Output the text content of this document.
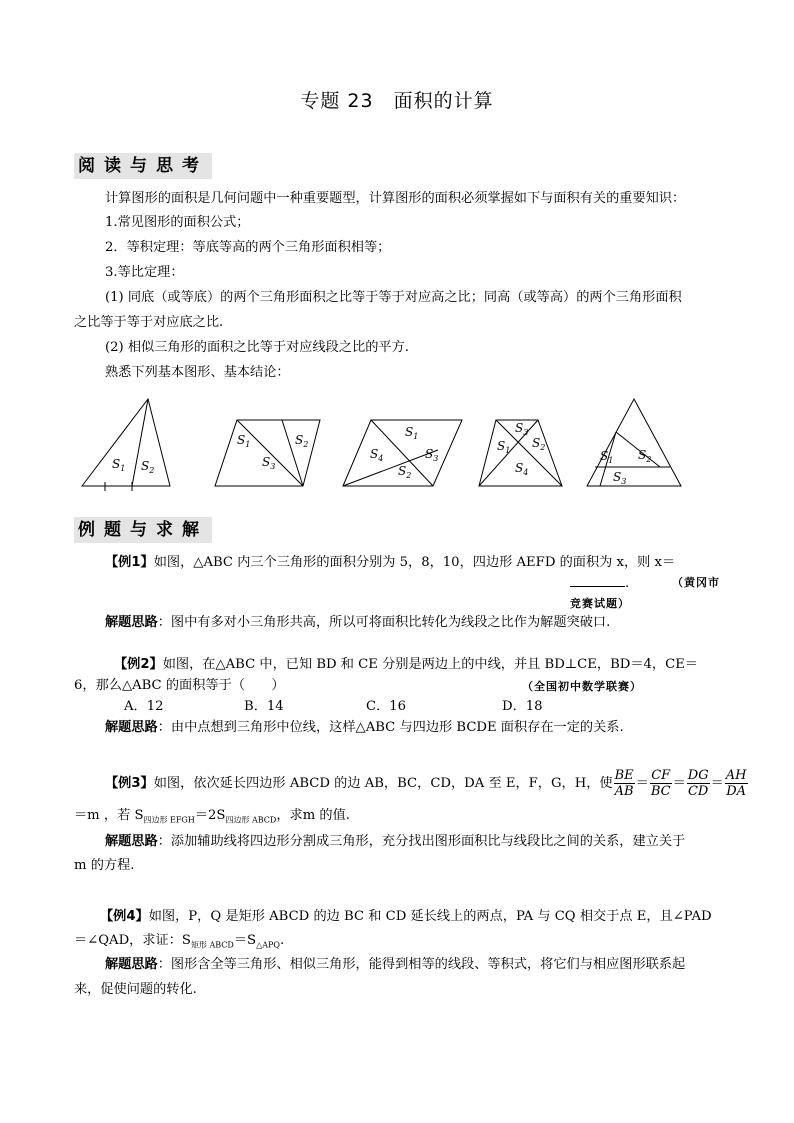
专题 23　面积的计算
阅读与思考
计算图形的面积是几何问题中一种重要题型，计算图形的面积必须掌握如下与面积有关的重要知识：
1.常见图形的面积公式；
2．等积定理：等底等高的两个三角形面积相等；
3.等比定理：
(1) 同底（或等底）的两个三角形面积之比等于等于对应高之比；同高（或等高）的两个三角形面积
之比等于等于对应底之比.
(2) 相似三角形的面积之比等于对应线段之比的平方.
熟悉下列基本图形、基本结论：
$S_1$ $S_2$
$S_1$	$S_2$
$S_3$
$S_1$
$S_4$	$S_3$
$S_2$
$S_3$
$S_1$
$S_2$
$S_4$
$S_1$ $S_2$
$S_3$
例题与求解
【例1】如图，△ABC 内三个三角形的面积分别为 5，8，10，四边形 AEFD 的面积为 x，则 x＝
.	（黄冈市
竞赛试题）
解题思路：图中有多对小三角形共高，所以可将面积比转化为线段之比作为解题突破口.
【例2】如图，在△ABC 中，已知 BD 和 CE 分别是两边上的中线，并且 BD⊥CE，BD＝4，CE＝
6，那么△ABC 的面积等于（　　）	（全国初中数学联赛）
A．12	B．14	C．16	D．18
解题思路：由中点想到三角形中位线，这样△ABC 与四边形 BCDE 面积存在一定的关系.
【例3】如图，依次延长四边形 ABCD 的边 AB，BC，CD，DA 至 E，F，G，H，使 $\frac{BE}{AB} = \frac{CF}{BC} = \frac{DG}{CD} = \frac{AH}{DA}$
＝m ，若 $S_{四边形 EFGH}=2S_{四边形 ABCD}$，求m 的值.
解题思路：添加辅助线将四边形分割成三角形，充分找出图形面积比与线段比之间的关系，建立关于
m 的方程.
【例4】如图，P，Q 是矩形 ABCD 的边 BC 和 CD 延长线上的两点，PA 与 CQ 相交于点 E，且∠PAD
＝∠QAD，求证：$S_{矩形 ABCD}=S_{\triangle APQ}$.
解题思路：图形含全等三角形、相似三角形，能得到相等的线段、等积式，将它们与相应图形联系起
来，促使问题的转化.
